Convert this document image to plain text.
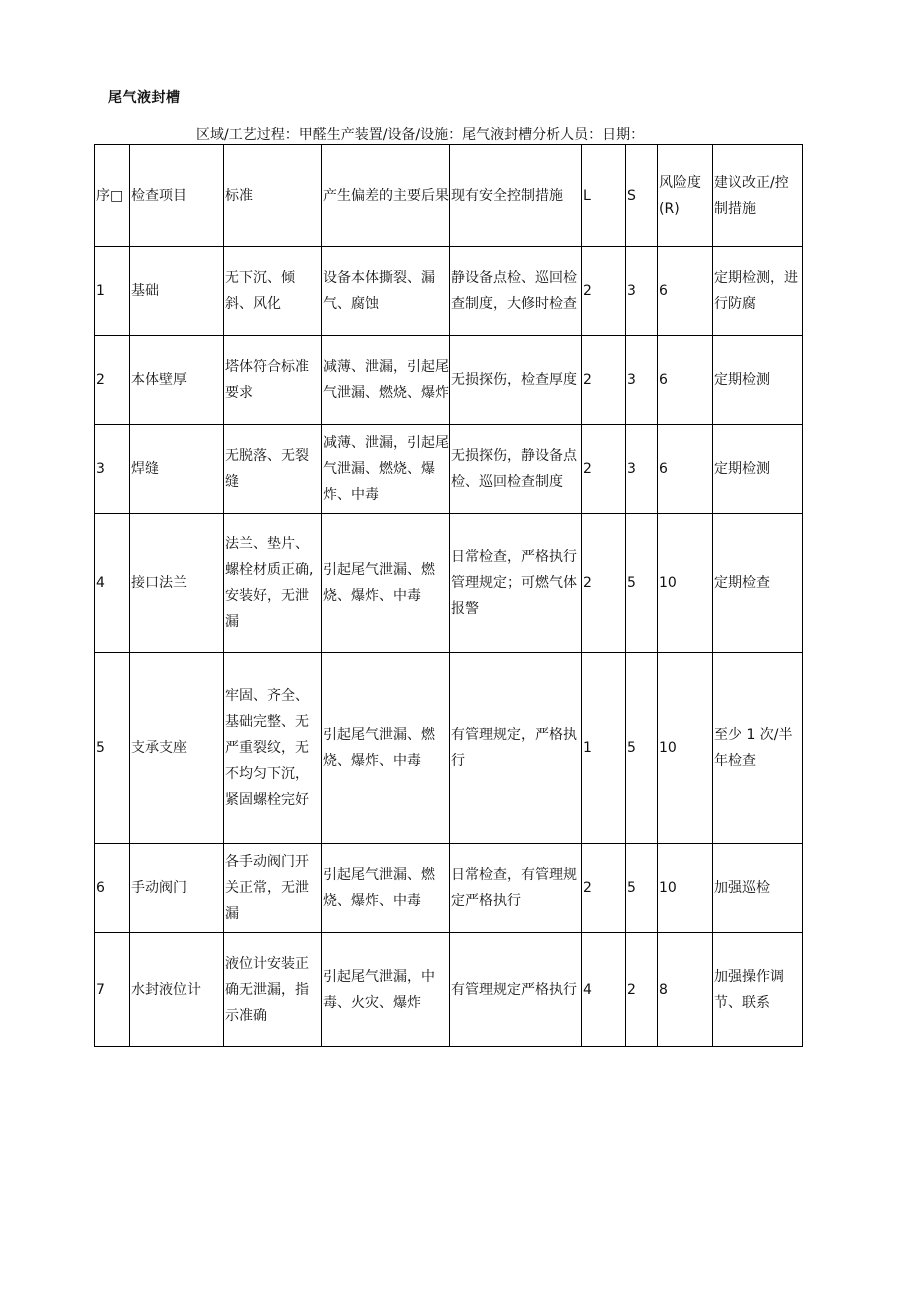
尾气液封槽
区域/工艺过程：甲醛生产装置/设备/设施：尾气液封槽分析人员：日期：
序□	检查项目	标准	产生偏差的主要后果	现有安全控制措施	L	S	风险度(R)	建议改正/控制措施
1	基础	无下沉、倾斜、风化	设备本体撕裂、漏气、腐蚀	静设备点检、巡回检查制度，大修时检查	2	3	6	定期检测，进行防腐
2	本体壁厚	塔体符合标准要求	减薄、泄漏，引起尾气泄漏、燃烧、爆炸	无损探伤，检查厚度	2	3	6	定期检测
3	焊缝	无脱落、无裂缝	减薄、泄漏，引起尾气泄漏、燃烧、爆炸、中毒	无损探伤，静设备点检、巡回检查制度	2	3	6	定期检测
4	接口法兰	法兰、垫片、螺栓材质正确,安装好，无泄漏	引起尾气泄漏、燃烧、爆炸、中毒	日常检查，严格执行管理规定；可燃气体报警	2	5	10	定期检查
5	支承支座	牢固、齐全、基础完整、无严重裂纹，无不均匀下沉，紧固螺栓完好	引起尾气泄漏、燃烧、爆炸、中毒	有管理规定，严格执行	1	5	10	至少 1 次/半年检查
6	手动阀门	各手动阀门开关正常，无泄漏	引起尾气泄漏、燃烧、爆炸、中毒	日常检查，有管理规定严格执行	2	5	10	加强巡检
7	水封液位计	液位计安装正确无泄漏，指示准确	引起尾气泄漏，中毒、火灾、爆炸	有管理规定严格执行	4	2	8	加强操作调节、联系
